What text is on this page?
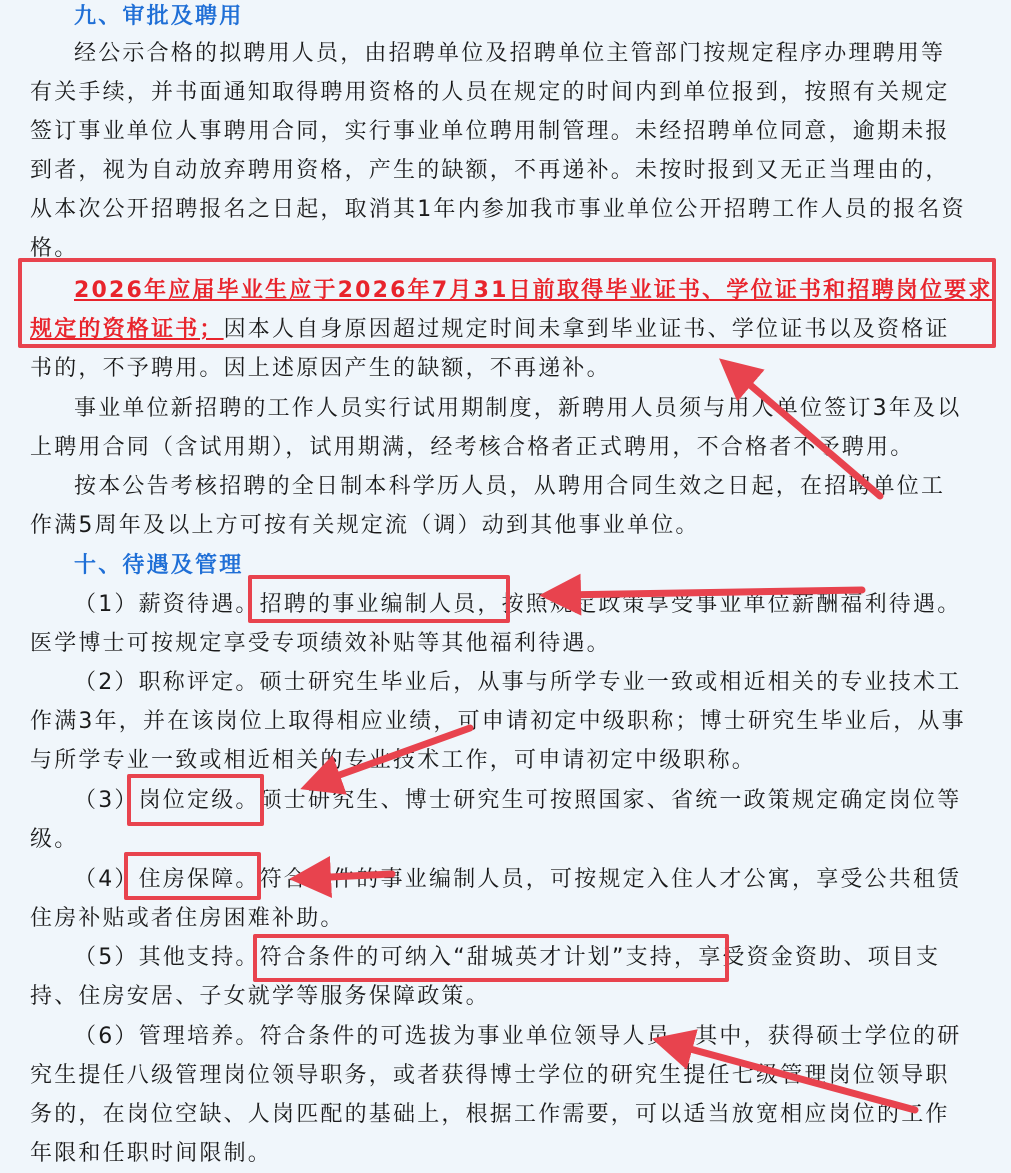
九、审批及聘用
经公示合格的拟聘用人员，由招聘单位及招聘单位主管部门按规定程序办理聘用等
有关手续，并书面通知取得聘用资格的人员在规定的时间内到单位报到，按照有关规定
签订事业单位人事聘用合同，实行事业单位聘用制管理。未经招聘单位同意，逾期未报
到者，视为自动放弃聘用资格，产生的缺额，不再递补。未按时报到又无正当理由的，
从本次公开招聘报名之日起，取消其1年内参加我市事业单位公开招聘工作人员的报名资
格。
2026年应届毕业生应于2026年7月31日前取得毕业证书、学位证书和招聘岗位要求
规定的资格证书；因本人自身原因超过规定时间未拿到毕业证书、学位证书以及资格证
书的，不予聘用。因上述原因产生的缺额，不再递补。
事业单位新招聘的工作人员实行试用期制度，新聘用人员须与用人单位签订3年及以
上聘用合同（含试用期），试用期满，经考核合格者正式聘用，不合格者不予聘用。
按本公告考核招聘的全日制本科学历人员，从聘用合同生效之日起，在招聘单位工
作满5周年及以上方可按有关规定流（调）动到其他事业单位。
十、待遇及管理
（1）薪资待遇。招聘的事业编制人员，按照规定政策享受事业单位薪酬福利待遇。
医学博士可按规定享受专项绩效补贴等其他福利待遇。
（2）职称评定。硕士研究生毕业后，从事与所学专业一致或相近相关的专业技术工
作满3年，并在该岗位上取得相应业绩，可申请初定中级职称；博士研究生毕业后，从事
与所学专业一致或相近相关的专业技术工作，可申请初定中级职称。
（3）岗位定级。硕士研究生、博士研究生可按照国家、省统一政策规定确定岗位等
级。
（4）住房保障。符合条件的事业编制人员，可按规定入住人才公寓，享受公共租赁
住房补贴或者住房困难补助。
（5）其他支持。符合条件的可纳入“甜城英才计划”支持，享受资金资助、项目支
持、住房安居、子女就学等服务保障政策。
（6）管理培养。符合条件的可选拔为事业单位领导人员。其中，获得硕士学位的研
究生提任八级管理岗位领导职务，或者获得博士学位的研究生提任七级管理岗位领导职
务的，在岗位空缺、人岗匹配的基础上，根据工作需要，可以适当放宽相应岗位的工作
年限和任职时间限制。
